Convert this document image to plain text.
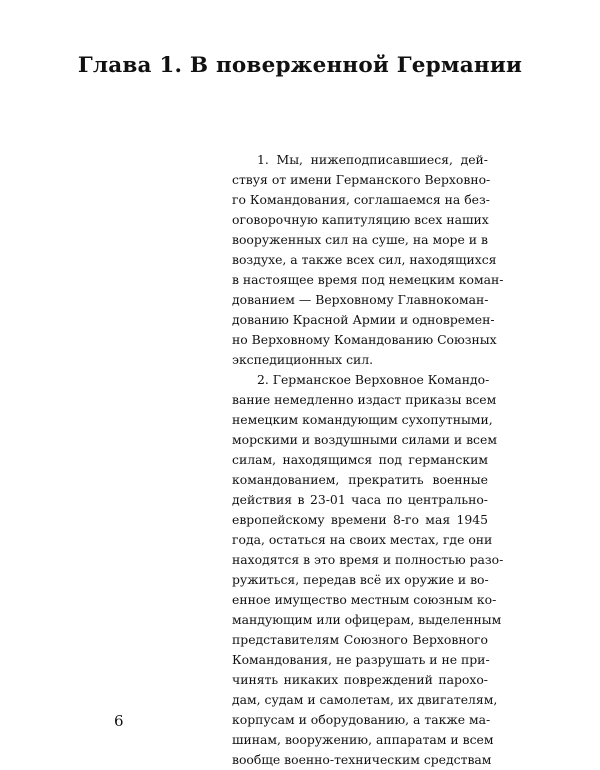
Глава 1. В поверженной Германии
1. Мы, нижеподписавшиеся, дей-
ствуя от имени Германского Верховно-
го Командования, соглашаемся на без-
оговорочную капитуляцию всех наших
вооруженных сил на суше, на море и в
воздухе, а также всех сил, находящихся
в настоящее время под немецким коман-
дованием — Верховному Главнокоман-
дованию Красной Армии и одновремен-
но Верховному Командованию Союзных
экспедиционных сил.
2. Германское Верховное Командо-
вание немедленно издаст приказы всем
немецким командующим сухопутными,
морскими и воздушными силами и всем
силам, находящимся под германским
командованием, прекратить военные
действия в 23-01 часа по центрально-
европейскому времени 8-го мая 1945
года, остаться на своих местах, где они
находятся в это время и полностью разо-
ружиться, передав всё их оружие и во-
енное имущество местным союзным ко-
мандующим или офицерам, выделенным
представителям Союзного Верховного
Командования, не разрушать и не при-
чинять никаких повреждений парохо-
дам, судам и самолетам, их двигателям,
корпусам и оборудованию, а также ма-
шинам, вооружению, аппаратам и всем
вообще военно-техническим средствам
6
